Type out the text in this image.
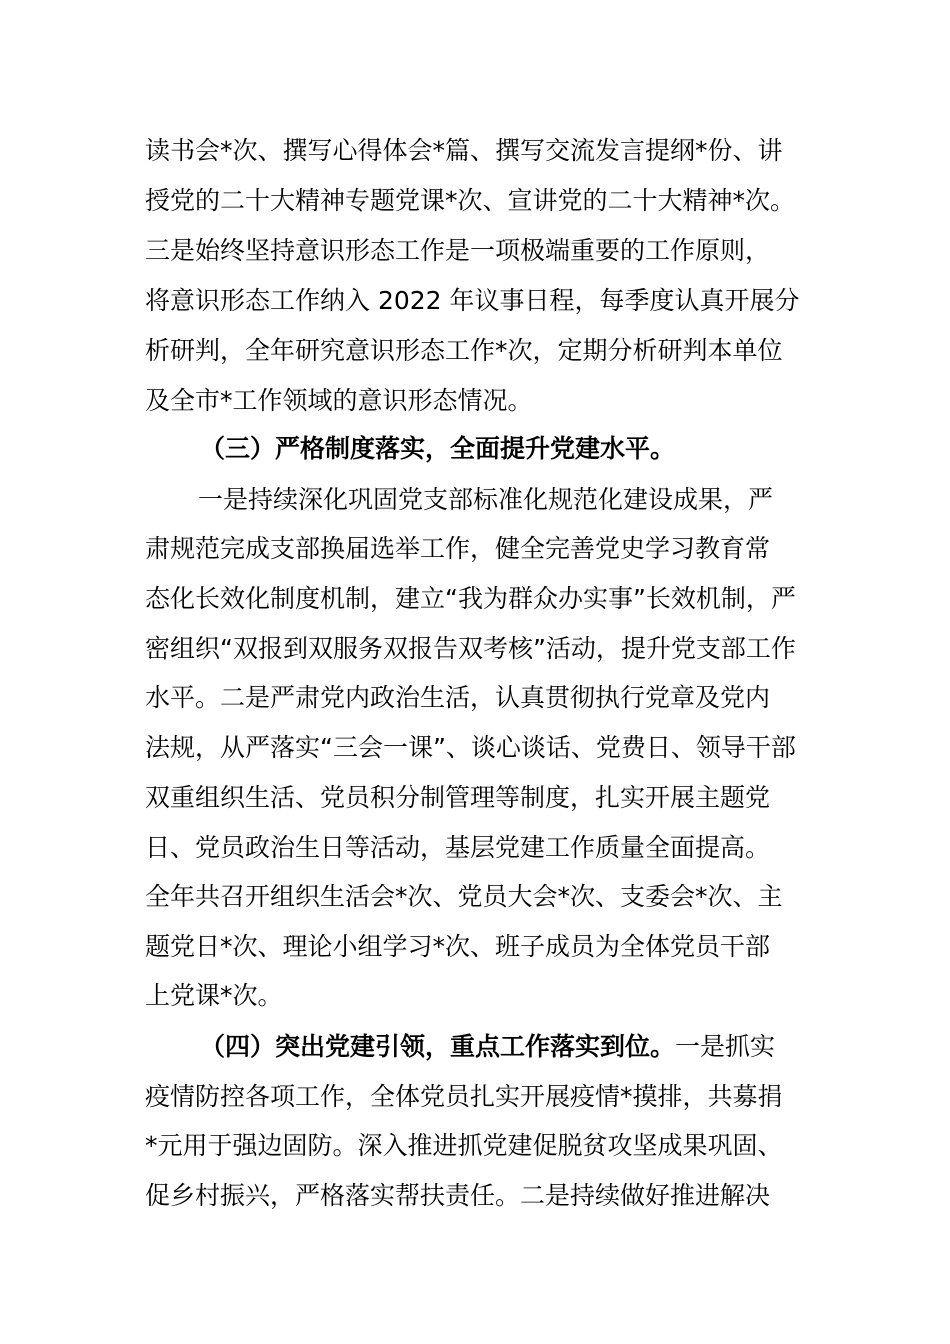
读书会*次、撰写心得体会*篇、撰写交流发言提纲*份、讲
授党的二十大精神专题党课*次、宣讲党的二十大精神*次。
三是始终坚持意识形态工作是一项极端重要的工作原则，
将意识形态工作纳入 2022 年议事日程，每季度认真开展分
析研判，全年研究意识形态工作*次，定期分析研判本单位
及全市*工作领域的意识形态情况。
（三）严格制度落实，全面提升党建水平。
一是持续深化巩固党支部标准化规范化建设成果，严
肃规范完成支部换届选举工作，健全完善党史学习教育常
态化长效化制度机制，建立“我为群众办实事”长效机制，严
密组织“双报到双服务双报告双考核”活动，提升党支部工作
水平。二是严肃党内政治生活，认真贯彻执行党章及党内
法规，从严落实“三会一课”、谈心谈话、党费日、领导干部
双重组织生活、党员积分制管理等制度，扎实开展主题党
日、党员政治生日等活动，基层党建工作质量全面提高。
全年共召开组织生活会*次、党员大会*次、支委会*次、主
题党日*次、理论小组学习*次、班子成员为全体党员干部
上党课*次。
（四）突出党建引领，重点工作落实到位。一是抓实
疫情防控各项工作，全体党员扎实开展疫情*摸排，共募捐
*元用于强边固防。深入推进抓党建促脱贫攻坚成果巩固、
促乡村振兴，严格落实帮扶责任。二是持续做好推进解决
